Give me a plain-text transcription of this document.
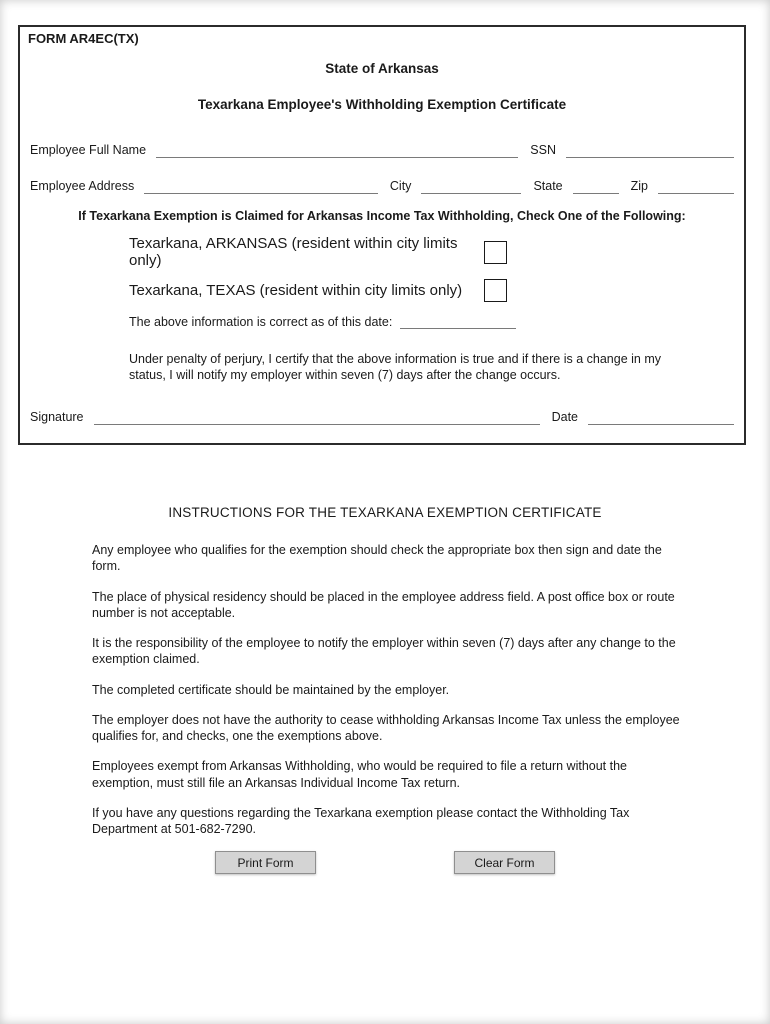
FORM AR4EC(TX)
State of Arkansas
Texarkana Employee's Withholding Exemption Certificate
Employee Full Name	SSN
Employee Address	City	State	Zip
If Texarkana Exemption is Claimed for Arkansas Income Tax Withholding, Check One of the Following:
Texarkana, ARKANSAS (resident within city limits only)
Texarkana, TEXAS (resident within city limits only)
The above information is correct as of this date:
Under penalty of perjury, I certify that the above information is true and if there is a change in my status, I will notify my employer within seven (7) days after the change occurs.
Signature	Date
INSTRUCTIONS FOR THE TEXARKANA EXEMPTION CERTIFICATE

Any employee who qualifies for the exemption should check the appropriate box then sign and date the form.

The place of physical residency should be placed in the employee address field. A post office box or route number is not acceptable.

It is the responsibility of the employee to notify the employer within seven (7) days after any change to the exemption claimed.

The completed certificate should be maintained by the employer.

The employer does not have the authority to cease withholding Arkansas Income Tax unless the employee qualifies for, and checks, one the exemptions above.

Employees exempt from Arkansas Withholding, who would be required to file a return without the exemption, must still file an Arkansas Individual Income Tax return.

If you have any questions regarding the Texarkana exemption please contact the Withholding Tax Department at 501-682-7290.

Print Form	Clear Form
